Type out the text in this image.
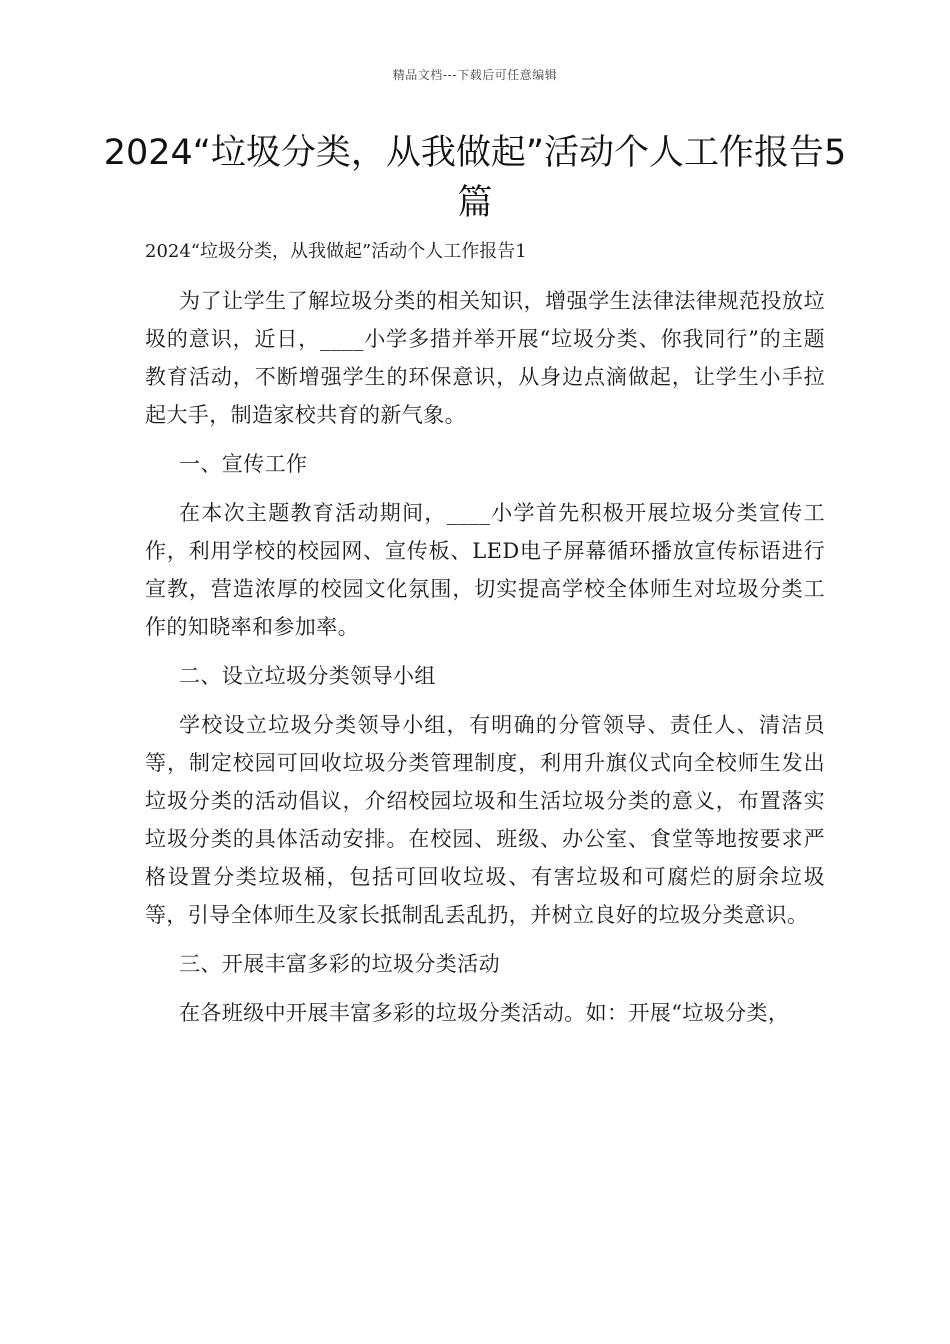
精品文档---下载后可任意编辑
2024“垃圾分类，从我做起”活动个人工作报告5篇

2024“垃圾分类，从我做起”活动个人工作报告1

为了让学生了解垃圾分类的相关知识，增强学生法律法律规范投放垃圾的意识，近日，____小学多措并举开展“垃圾分类、你我同行”的主题教育活动，不断增强学生的环保意识，从身边点滴做起，让学生小手拉起大手，制造家校共育的新气象。

一、宣传工作

在本次主题教育活动期间，____小学首先积极开展垃圾分类宣传工作，利用学校的校园网、宣传板、LED电子屏幕循环播放宣传标语进行宣教，营造浓厚的校园文化氛围，切实提高学校全体师生对垃圾分类工作的知晓率和参加率。

二、设立垃圾分类领导小组

学校设立垃圾分类领导小组，有明确的分管领导、责任人、清洁员等，制定校园可回收垃圾分类管理制度，利用升旗仪式向全校师生发出垃圾分类的活动倡议，介绍校园垃圾和生活垃圾分类的意义，布置落实垃圾分类的具体活动安排。在校园、班级、办公室、食堂等地按要求严格设置分类垃圾桶，包括可回收垃圾、有害垃圾和可腐烂的厨余垃圾等，引导全体师生及家长抵制乱丢乱扔，并树立良好的垃圾分类意识。

三、开展丰富多彩的垃圾分类活动

在各班级中开展丰富多彩的垃圾分类活动。如：开展“垃圾分类，
